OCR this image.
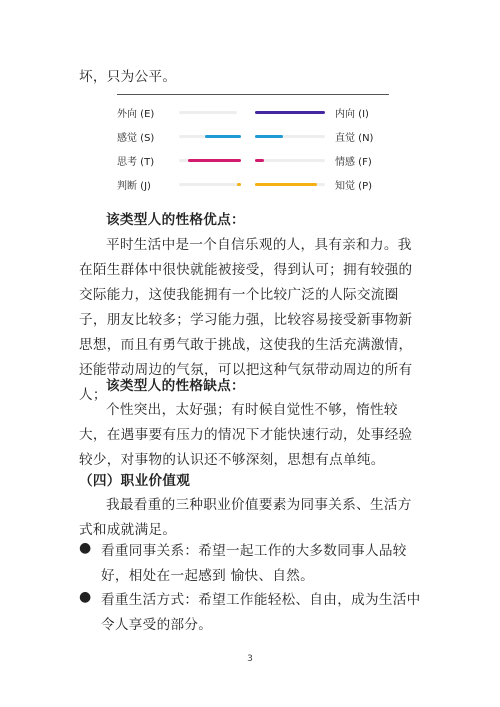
坏，只为公平。
外向 (E)	内向 (I)
感觉 (S)	直觉 (N)
思考 (T)	情感 (F)
判断 (J)	知觉 (P)
该类型人的性格优点：
平时生活中是一个自信乐观的人，具有亲和力。我在陌生群体中很快就能被接受，得到认可；拥有较强的交际能力，这使我能拥有一个比较广泛的人际交流圈子，朋友比较多；学习能力强，比较容易接受新事物新思想，而且有勇气敢于挑战，这使我的生活充满激情，还能带动周边的气氛，可以把这种气氛带动周边的所有人；
该类型人的性格缺点：
个性突出，太好强；有时候自觉性不够，惰性较大，在遇事要有压力的情况下才能快速行动，处事经验较少，对事物的认识还不够深刻，思想有点单纯。
（四）职业价值观
我最看重的三种职业价值要素为同事关系、生活方式和成就满足。
● 看重同事关系：希望一起工作的大多数同事人品较好，相处在一起感到 愉快、自然。
● 看重生活方式：希望工作能轻松、自由，成为生活中令人享受的部分。
3
